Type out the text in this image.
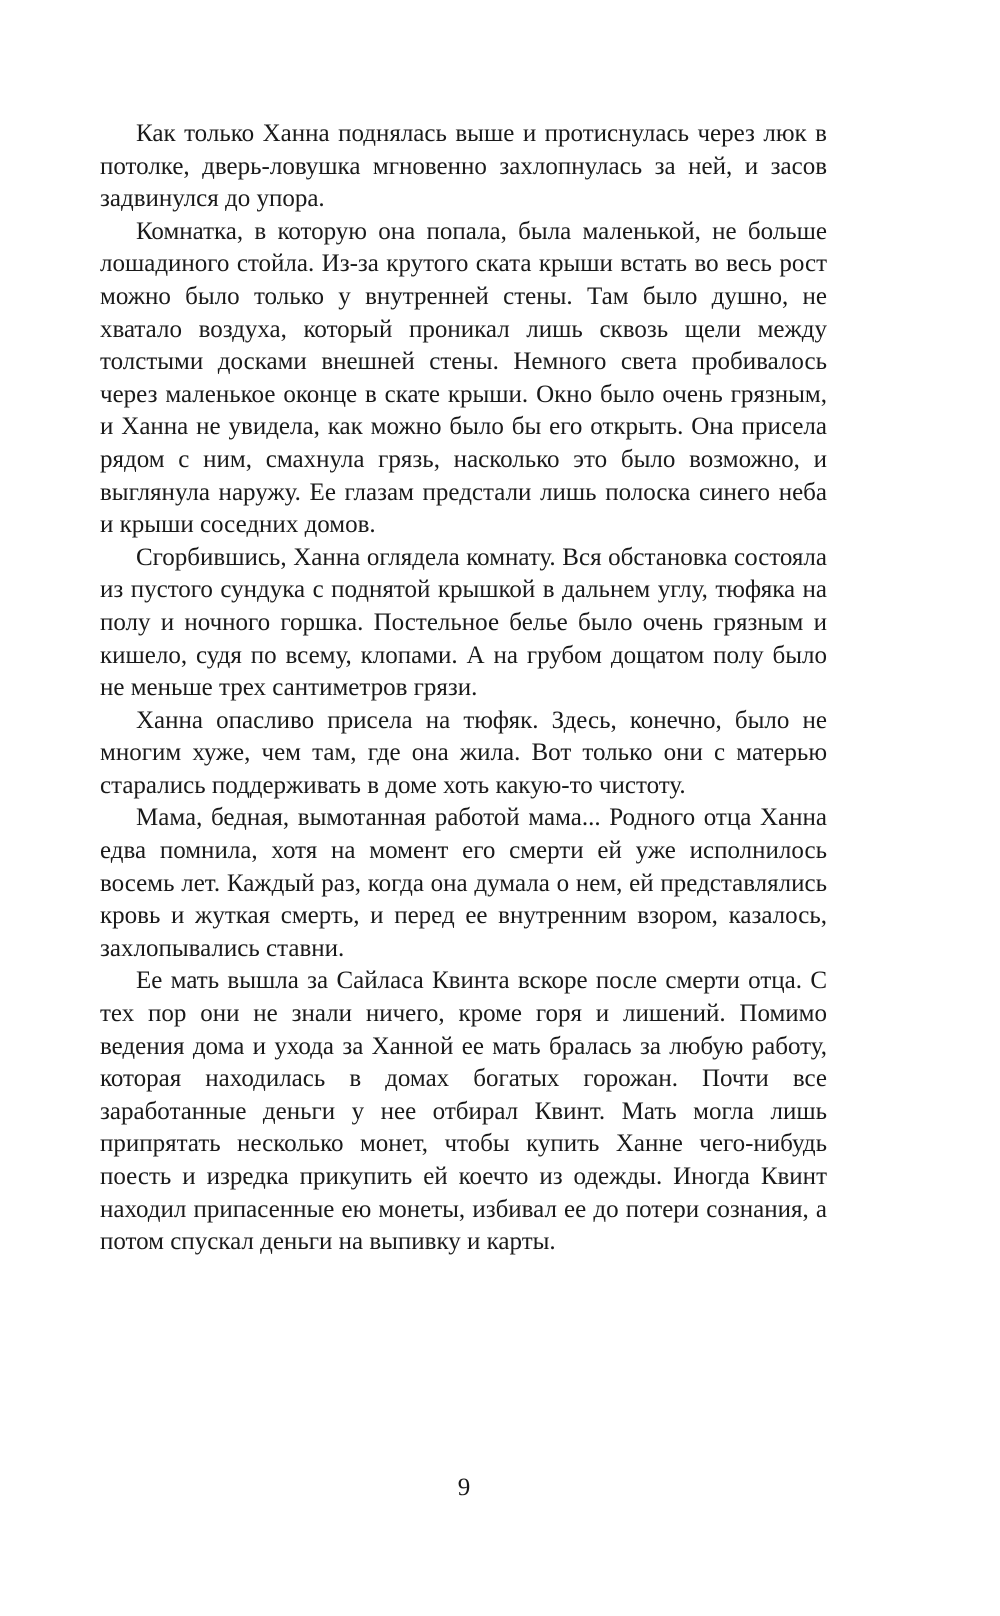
Как только Ханна поднялась выше и протиснулась через люк в потолке, дверь-ловушка мгновенно захлопнулась за ней, и засов задвинулся до упора.

Комнатка, в которую она попала, была маленькой, не больше лошадиного стойла. Из-за крутого ската крыши встать во весь рост можно было только у внутренней стены. Там было душно, не хватало воздуха, который проникал лишь сквозь щели между толстыми досками внешней стены. Немного света пробивалось через маленькое оконце в скате крыши. Окно было очень грязным, и Ханна не увидела, как можно было бы его открыть. Она присела рядом с ним, смахнула грязь, насколько это было возможно, и выглянула наружу. Ее глазам предстали лишь полоска синего неба и крыши соседних домов.

Сгорбившись, Ханна оглядела комнату. Вся обстановка состояла из пустого сундука с поднятой крышкой в дальнем углу, тюфяка на полу и ночного горшка. Постельное белье было очень грязным и кишело, судя по всему, клопами. А на грубом дощатом полу было не меньше трех сантиметров грязи.

Ханна опасливо присела на тюфяк. Здесь, конечно, было не многим хуже, чем там, где она жила. Вот только они с матерью старались поддерживать в доме хоть какую-то чистоту.

Мама, бедная, вымотанная работой мама... Родного отца Ханна едва помнила, хотя на момент его смерти ей уже исполнилось восемь лет. Каждый раз, когда она думала о нем, ей представлялись кровь и жуткая смерть, и перед ее внутренним взором, казалось, захлопывались ставни.

Ее мать вышла за Сайласа Квинта вскоре после смерти отца. С тех пор они не знали ничего, кроме горя и лишений. Помимо ведения дома и ухода за Ханной ее мать бралась за любую работу, которая находилась в домах богатых горожан. Почти все заработанные деньги у нее отбирал Квинт. Мать могла лишь припрятать несколько монет, чтобы купить Ханне чего-нибудь поесть и изредка прикупить ей коечто из одежды. Иногда Квинт находил припасенные ею монеты, избивал ее до потери сознания, а потом спускал деньги на выпивку и карты.

9
